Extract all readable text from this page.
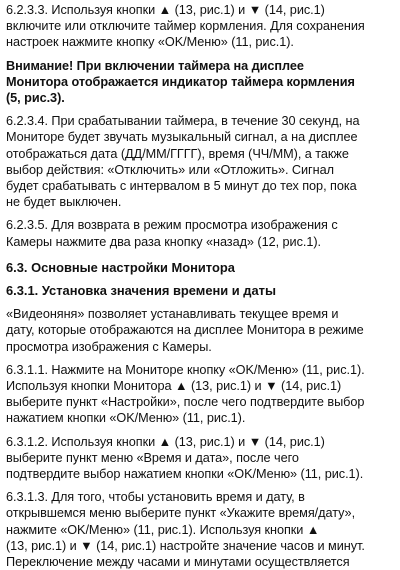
6.2.3.3. Используя кнопки ▲ (13, рис.1) и ▼ (14, рис.1)
включите или отключите таймер кормления. Для сохранения
настроек нажмите кнопку «OK/Меню» (11, рис.1).

Внимание! При включении таймера на дисплее
Монитора отображается индикатор таймера кормления
(5, рис.3).

6.2.3.4. При срабатывании таймера, в течение 30 секунд, на
Мониторе будет звучать музыкальный сигнал, а на дисплее
отображаться дата (ДД/ММ/ГГГГ), время (ЧЧ/ММ), а также
выбор действия: «Отключить» или «Отложить». Сигнал
будет срабатывать с интервалом в 5 минут до тех пор, пока
не будет выключен.

6.2.3.5. Для возврата в режим просмотра изображения с
Камеры нажмите два раза кнопку «назад» (12, рис.1).

6.3. Основные настройки Монитора
6.3.1. Установка значения времени и даты

«Видеоняня» позволяет устанавливать текущее время и
дату, которые отображаются на дисплее Монитора в режиме
просмотра изображения с Камеры.

6.3.1.1. Нажмите на Мониторе кнопку «OK/Меню» (11, рис.1).
Используя кнопки Монитора ▲ (13, рис.1) и ▼ (14, рис.1)
выберите пункт «Настройки», после чего подтвердите выбор
нажатием кнопки «OK/Меню» (11, рис.1).

6.3.1.2. Используя кнопки ▲ (13, рис.1) и ▼ (14, рис.1)
выберите пункт меню «Время и дата», после чего
подтвердите выбор нажатием кнопки «OK/Меню» (11, рис.1).

6.3.1.3. Для того, чтобы установить время и дату, в
открывшемся меню выберите пункт «Укажите время/дату»,
нажмите «OK/Меню» (11, рис.1). Используя кнопки ▲
(13, рис.1) и ▼ (14, рис.1) настройте значение часов и минут.
Переключение между часами и минутами осуществляется
